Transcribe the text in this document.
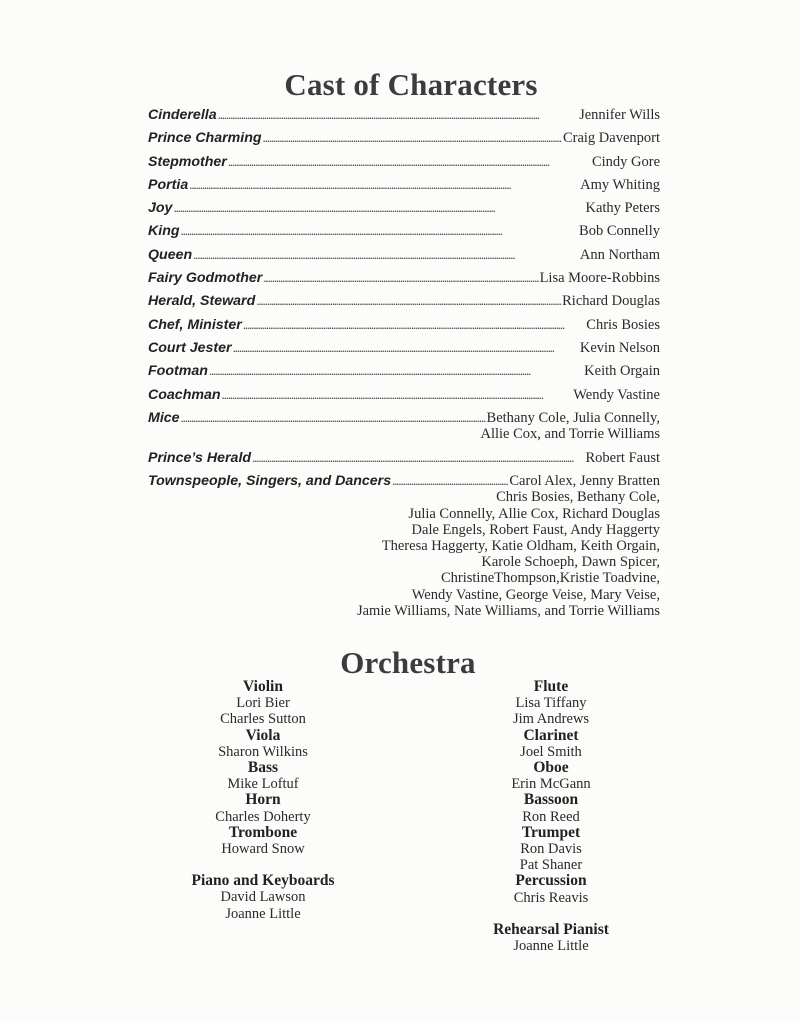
Cast of Characters
Cinderella . . .	Jennifer Wills
Prince Charming . . .	Craig Davenport
Stepmother . . .	Cindy Gore
Portia . . .	Amy Whiting
Joy . . .	Kathy Peters
King . . .	Bob Connelly
Queen . . .	Ann Northam
Fairy Godmother . . .	Lisa Moore-Robbins
Herald, Steward . . .	Richard Douglas
Chef, Minister . . .	Chris Bosies
Court Jester . . .	Kevin Nelson
Footman . . .	Keith Orgain
Coachman . . .	Wendy Vastine
Mice . . .	Bethany Cole, Julia Connelly,
Allie Cox, and Torrie Williams
Prince’s Herald . . .	Robert Faust
Townspeople, Singers, and Dancers . . .	Carol Alex, Jenny Bratten
Chris Bosies, Bethany Cole,
Julia Connelly, Allie Cox, Richard Douglas
Dale Engels, Robert Faust, Andy Haggerty
Theresa Haggerty, Katie Oldham, Keith Orgain,
Karole Schoeph, Dawn Spicer,
ChristineThompson,Kristie Toadvine,
Wendy Vastine, George Veise, Mary Veise,
Jamie Williams, Nate Williams, and Torrie Williams
Orchestra
Violin
Lori Bier
Charles Sutton
Viola
Sharon Wilkins
Bass
Mike Loftuf
Horn
Charles Doherty
Trombone
Howard Snow
Piano and Keyboards
David Lawson
Joanne Little
Flute
Lisa Tiffany
Jim Andrews
Clarinet
Joel Smith
Oboe
Erin McGann
Bassoon
Ron Reed
Trumpet
Ron Davis
Pat Shaner
Percussion
Chris Reavis
Rehearsal Pianist
Joanne Little
